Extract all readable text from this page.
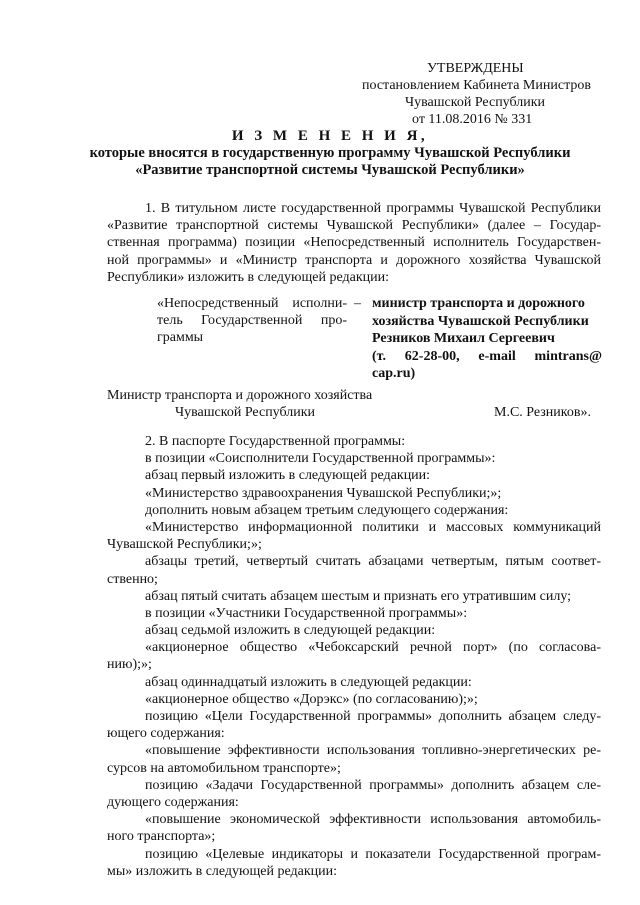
УТВЕРЖДЕНЫ
постановлением Кабинета Министров
Чувашской Республики
от 11.08.2016 № 331
И З М Е Н Е Н И Я,
которые вносятся в государственную программу Чувашской Республики
«Развитие транспортной системы Чувашской Республики»
1. В титульном листе государственной программы Чувашской Республики
«Развитие транспортной системы Чувашской Республики» (далее – Государ-
ственная программа) позиции «Непосредственный исполнитель Государствен-
ной программы» и «Министр транспорта и дорожного хозяйства Чувашской
Республики» изложить в следующей редакции:
«Непосредственный исполни-
тель Государственной про-
граммы
– министр транспорта и дорожного
хозяйства Чувашской Республики
Резников Михаил Сергеевич
(т. 62-28-00, e-mail mintrans@
cap.ru)
Министр транспорта и дорожного хозяйства
Чувашской Республики	М.С. Резников».
2. В паспорте Государственной программы:
в позиции «Соисполнители Государственной программы»:
абзац первый изложить в следующей редакции:
«Министерство здравоохранения Чувашской Республики;»;
дополнить новым абзацем третьим следующего содержания:
«Министерство информационной политики и массовых коммуникаций
Чувашской Республики;»;
абзацы третий, четвертый считать абзацами четвертым, пятым соответ-
ственно;
абзац пятый считать абзацем шестым и признать его утратившим силу;
в позиции «Участники Государственной программы»:
абзац седьмой изложить в следующей редакции:
«акционерное общество «Чебоксарский речной порт» (по согласова-
нию);»;
абзац одиннадцатый изложить в следующей редакции:
«акционерное общество «Дорэкс» (по согласованию);»;
позицию «Цели Государственной программы» дополнить абзацем следу-
ющего содержания:
«повышение эффективности использования топливно-энергетических ре-
сурсов на автомобильном транспорте»;
позицию «Задачи Государственной программы» дополнить абзацем сле-
дующего содержания:
«повышение экономической эффективности использования автомобиль-
ного транспорта»;
позицию «Целевые индикаторы и показатели Государственной програм-
мы» изложить в следующей редакции:
